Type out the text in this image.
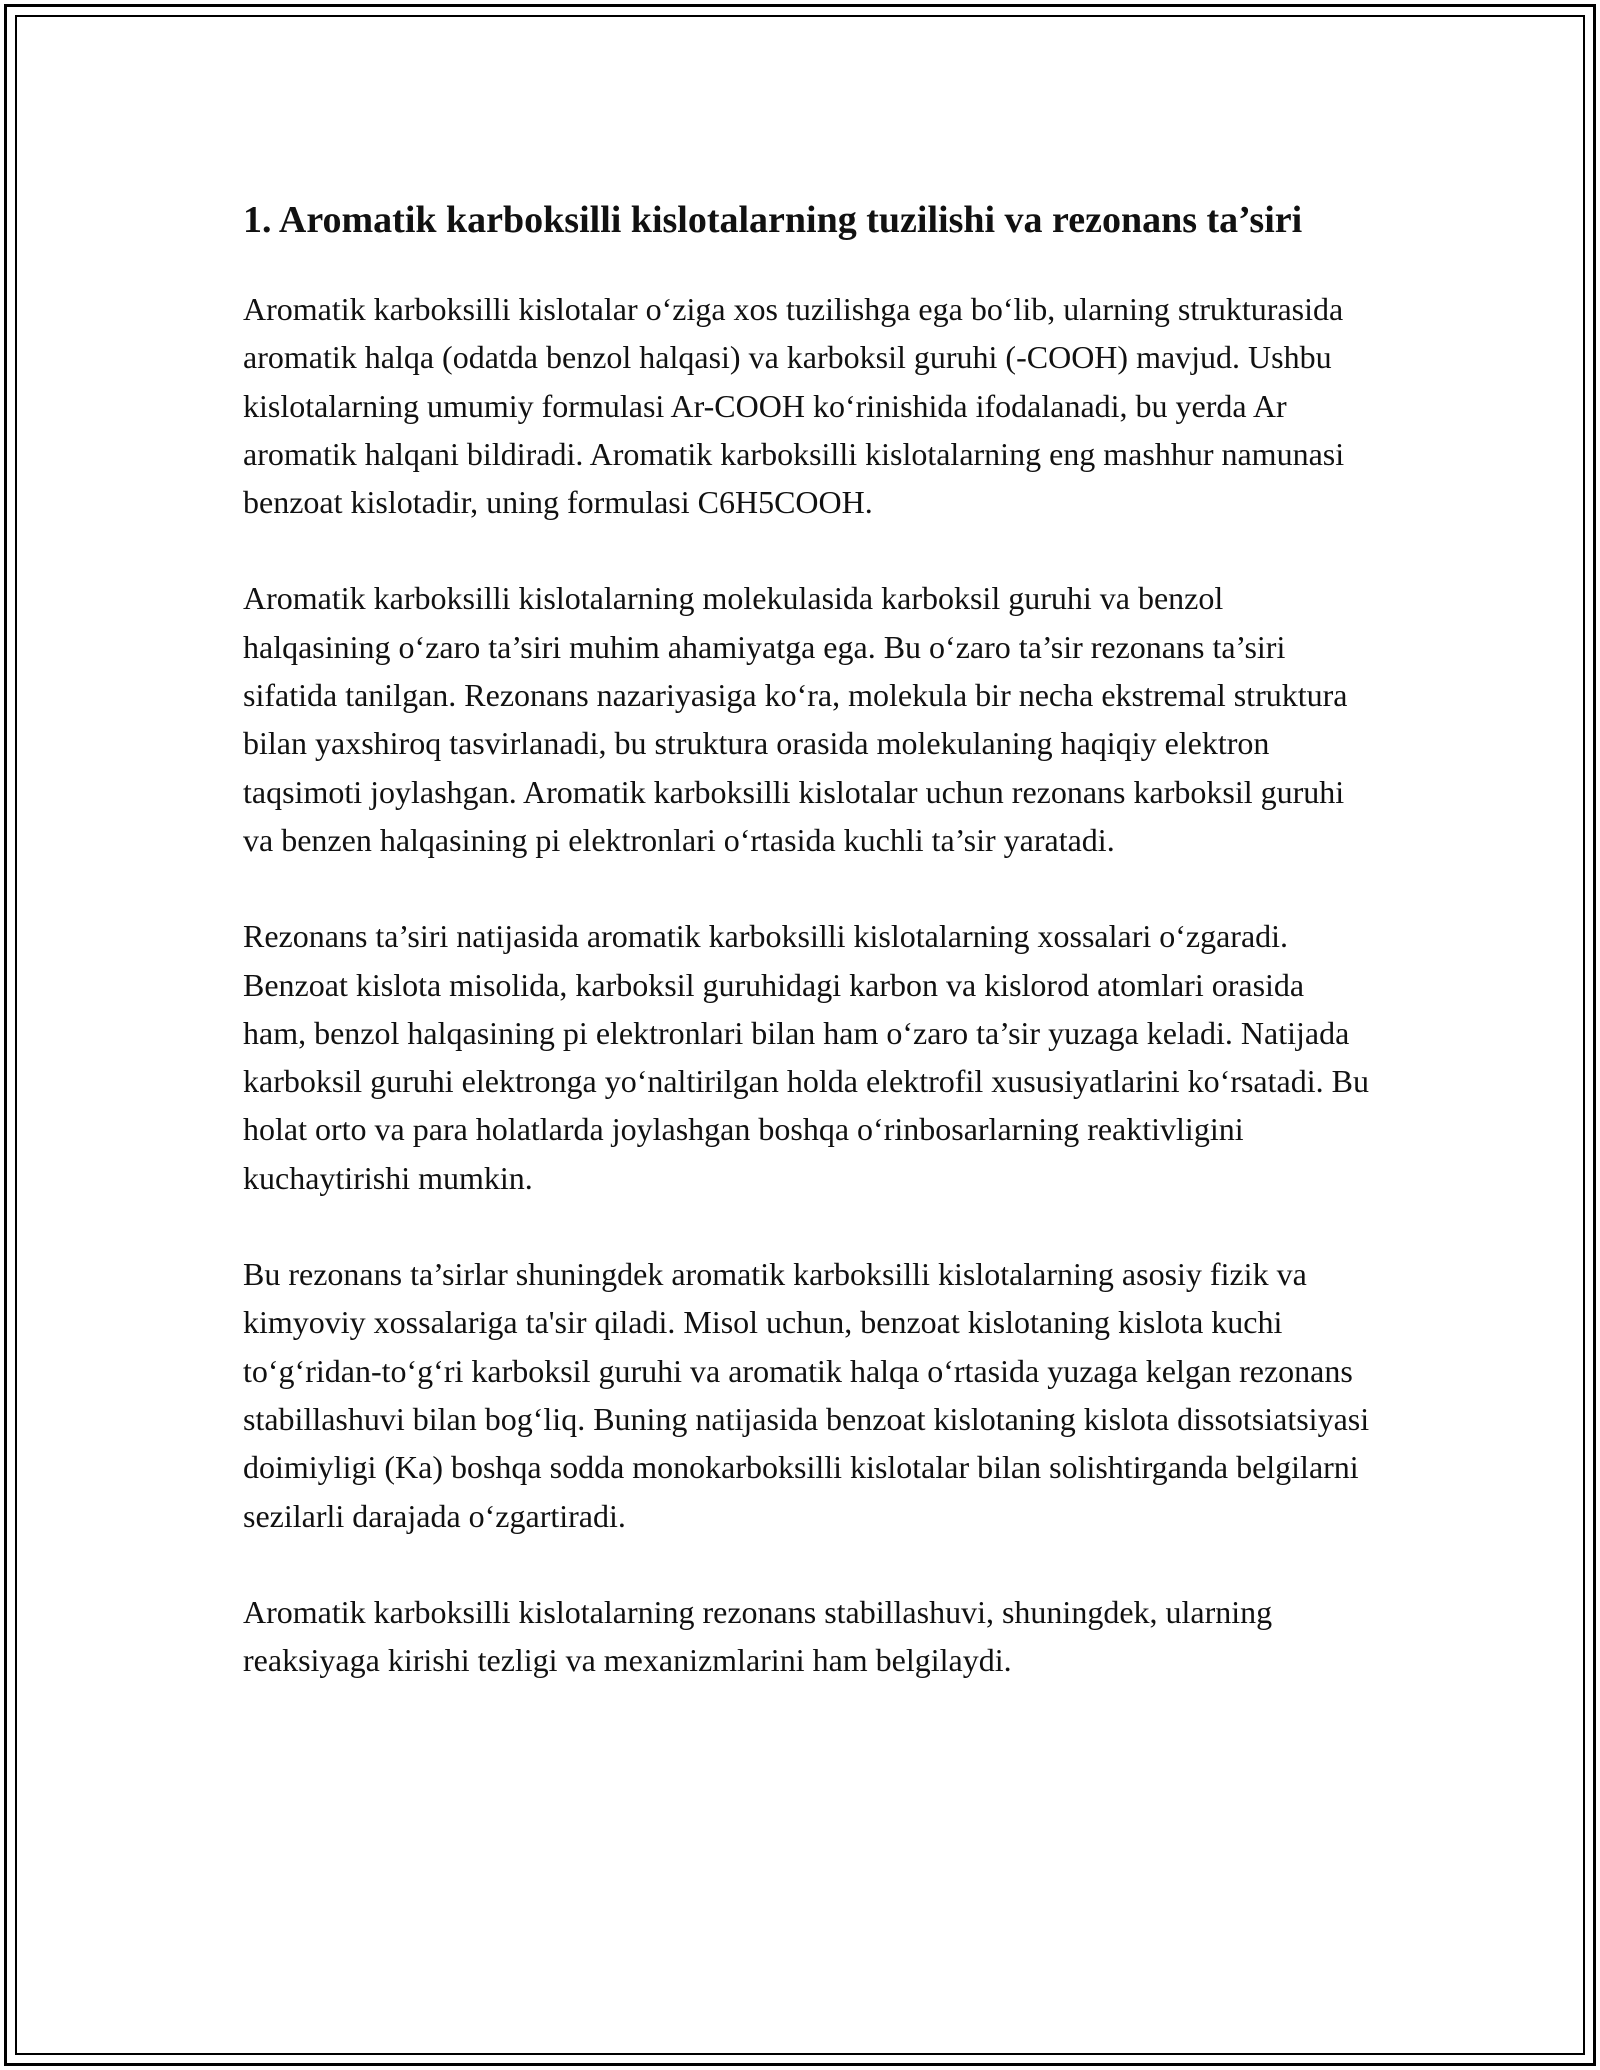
1. Aromatik karboksilli kislotalarning tuzilishi va rezonans ta’siri

Aromatik karboksilli kislotalar o‘ziga xos tuzilishga ega bo‘lib, ularning strukturasida aromatik halqa (odatda benzol halqasi) va karboksil guruhi (-COOH) mavjud. Ushbu kislotalarning umumiy formulasi Ar-COOH ko‘rinishida ifodalanadi, bu yerda Ar aromatik halqani bildiradi. Aromatik karboksilli kislotalarning eng mashhur namunasi benzoat kislotadir, uning formulasi C6H5COOH.

Aromatik karboksilli kislotalarning molekulasida karboksil guruhi va benzol halqasining o‘zaro ta’siri muhim ahamiyatga ega. Bu o‘zaro ta’sir rezonans ta’siri sifatida tanilgan. Rezonans nazariyasiga ko‘ra, molekula bir necha ekstremal struktura bilan yaxshiroq tasvirlanadi, bu struktura orasida molekulaning haqiqiy elektron taqsimoti joylashgan. Aromatik karboksilli kislotalar uchun rezonans karboksil guruhi va benzen halqasining pi elektronlari o‘rtasida kuchli ta’sir yaratadi.

Rezonans ta’siri natijasida aromatik karboksilli kislotalarning xossalari o‘zgaradi. Benzoat kislota misolida, karboksil guruhidagi karbon va kislorod atomlari orasida ham, benzol halqasining pi elektronlari bilan ham o‘zaro ta’sir yuzaga keladi. Natijada karboksil guruhi elektronga yo‘naltirilgan holda elektrofil xususiyatlarini ko‘rsatadi. Bu holat orto va para holatlarda joylashgan boshqa o‘rinbosarlarning reaktivligini kuchaytirishi mumkin.

Bu rezonans ta’sirlar shuningdek aromatik karboksilli kislotalarning asosiy fizik va kimyoviy xossalariga ta'sir qiladi. Misol uchun, benzoat kislotaning kislota kuchi to‘g‘ridan-to‘g‘ri karboksil guruhi va aromatik halqa o‘rtasida yuzaga kelgan rezonans stabillashuvi bilan bog‘liq. Buning natijasida benzoat kislotaning kislota dissotsiatsiyasi doimiyligi (Ka) boshqa sodda monokarboksilli kislotalar bilan solishtirganda belgilarni sezilarli darajada o‘zgartiradi.

Aromatik karboksilli kislotalarning rezonans stabillashuvi, shuningdek, ularning reaksiyaga kirishi tezligi va mexanizmlarini ham belgilaydi.
